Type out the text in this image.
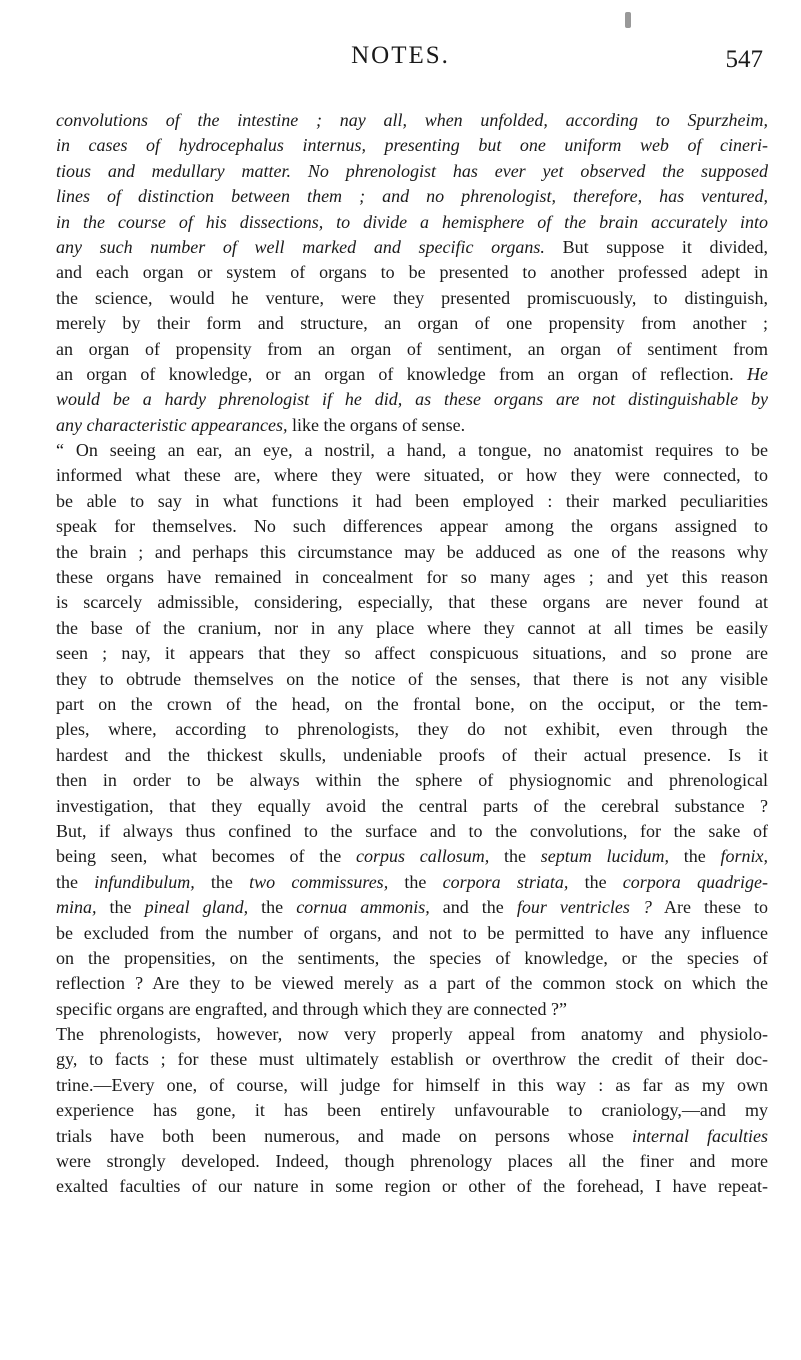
NOTES.	547
convolutions of the intestine ; nay all, when unfolded, according to Spurzheim,
in cases of hydrocephalus internus, presenting but one uniform web of cineri-
tious and medullary matter. No phrenologist has ever yet observed the supposed
lines of distinction between them ; and no phrenologist, therefore, has ventured,
in the course of his dissections, to divide a hemisphere of the brain accurately into
any such number of well marked and specific organs. But suppose it divided,
and each organ or system of organs to be presented to another professed adept in
the science, would he venture, were they presented promiscuously, to distinguish,
merely by their form and structure, an organ of one propensity from another ;
an organ of propensity from an organ of sentiment, an organ of sentiment from
an organ of knowledge, or an organ of knowledge from an organ of reflection. He
would be a hardy phrenologist if he did, as these organs are not distinguishable by
any characteristic appearances, like the organs of sense.
“ On seeing an ear, an eye, a nostril, a hand, a tongue, no anatomist requires to be
informed what these are, where they were situated, or how they were connected, to
be able to say in what functions it had been employed : their marked peculiarities
speak for themselves. No such differences appear among the organs assigned to
the brain ; and perhaps this circumstance may be adduced as one of the reasons why
these organs have remained in concealment for so many ages ; and yet this reason
is scarcely admissible, considering, especially, that these organs are never found at
the base of the cranium, nor in any place where they cannot at all times be easily
seen ; nay, it appears that they so affect conspicuous situations, and so prone are
they to obtrude themselves on the notice of the senses, that there is not any visible
part on the crown of the head, on the frontal bone, on the occiput, or the tem-
ples, where, according to phrenologists, they do not exhibit, even through the
hardest and the thickest skulls, undeniable proofs of their actual presence. Is it
then in order to be always within the sphere of physiognomic and phrenological
investigation, that they equally avoid the central parts of the cerebral substance ?
But, if always thus confined to the surface and to the convolutions, for the sake of
being seen, what becomes of the corpus callosum, the septum lucidum, the fornix,
the infundibulum, the two commissures, the corpora striata, the corpora quadrige-
mina, the pineal gland, the cornua ammonis, and the four ventricles ? Are these to
be excluded from the number of organs, and not to be permitted to have any influence
on the propensities, on the sentiments, the species of knowledge, or the species of
reflection ? Are they to be viewed merely as a part of the common stock on which the
specific organs are engrafted, and through which they are connected ?”
The phrenologists, however, now very properly appeal from anatomy and physiolo-
gy, to facts ; for these must ultimately establish or overthrow the credit of their doc-
trine.—Every one, of course, will judge for himself in this way : as far as my own
experience has gone, it has been entirely unfavourable to craniology,—and my
trials have both been numerous, and made on persons whose internal faculties
were strongly developed. Indeed, though phrenology places all the finer and more
exalted faculties of our nature in some region or other of the forehead, I have repeat-
